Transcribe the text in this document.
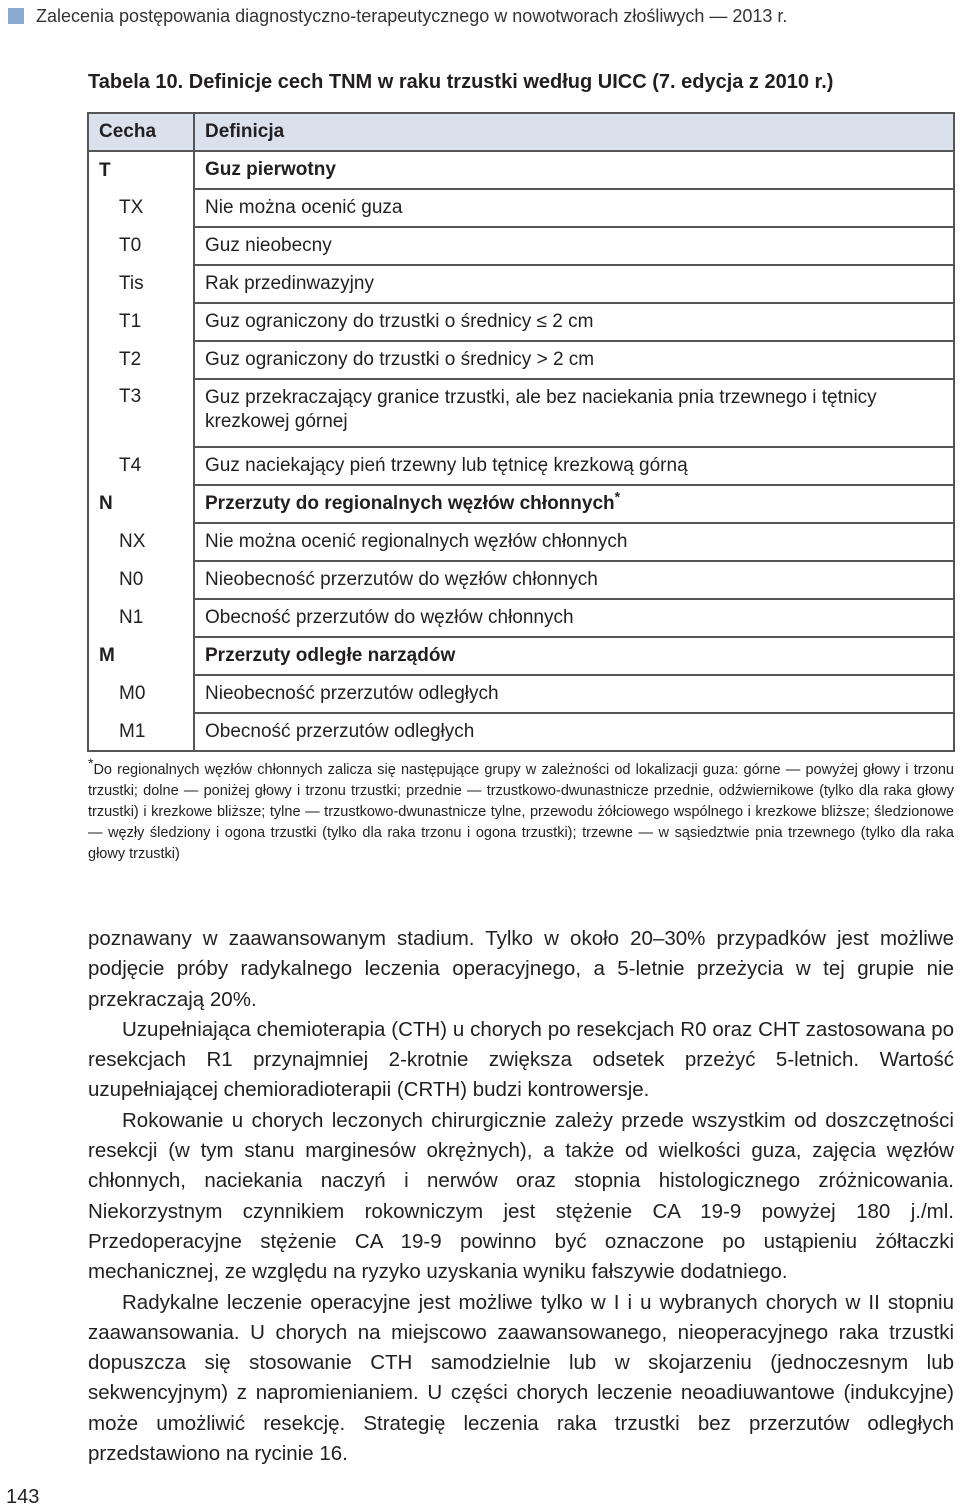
Zalecenia postępowania diagnostyczno-terapeutycznego w nowotworach złośliwych — 2013 r.
Tabela 10. Definicje cech TNM w raku trzustki według UICC (7. edycja z 2010 r.)
Cecha	Definicja
T	Guz pierwotny
TX	Nie można ocenić guza
T0	Guz nieobecny
Tis	Rak przedinwazyjny
T1	Guz ograniczony do trzustki o średnicy ≤ 2 cm
T2	Guz ograniczony do trzustki o średnicy > 2 cm
T3	Guz przekraczający granice trzustki, ale bez naciekania pnia trzewnego i tętnicy krezkowej górnej
T4	Guz naciekający pień trzewny lub tętnicę krezkową górną
N	Przerzuty do regionalnych węzłów chłonnych*
NX	Nie można ocenić regionalnych węzłów chłonnych
N0	Nieobecność przerzutów do węzłów chłonnych
N1	Obecność przerzutów do węzłów chłonnych
M	Przerzuty odległe narządów
M0	Nieobecność przerzutów odległych
M1	Obecność przerzutów odległych
*Do regionalnych węzłów chłonnych zalicza się następujące grupy w zależności od lokalizacji guza: górne — powyżej głowy i trzonu trzustki; dolne — poniżej głowy i trzonu trzustki; przednie — trzustkowo-dwunastnicze przednie, odźwiernikowe (tylko dla raka głowy trzustki) i krezkowe bliższe; tylne — trzustkowo-dwunastnicze tylne, przewodu żółciowego wspólnego i krezkowe bliższe; śledzionowe — węzły śledziony i ogona trzustki (tylko dla raka trzonu i ogona trzustki); trzewne — w sąsiedztwie pnia trzewnego (tylko dla raka głowy trzustki)

poznawany w zaawansowanym stadium. Tylko w około 20–30% przypadków jest możliwe podjęcie próby radykalnego leczenia operacyjnego, a 5-letnie przeżycia w tej grupie nie przekraczają 20%.

Uzupełniająca chemioterapia (CTH) u chorych po resekcjach R0 oraz CHT zastosowana po resekcjach R1 przynajmniej 2-krotnie zwiększa odsetek przeżyć 5-letnich. Wartość uzupełniającej chemioradioterapii (CRTH) budzi kontrowersje.

Rokowanie u chorych leczonych chirurgicznie zależy przede wszystkim od doszczętności resekcji (w tym stanu marginesów okrężnych), a także od wielkości guza, zajęcia węzłów chłonnych, naciekania naczyń i nerwów oraz stopnia histologicznego zróżnicowania. Niekorzystnym czynnikiem rokowniczym jest stężenie CA 19-9 powyżej 180 j./ml. Przedoperacyjne stężenie CA 19-9 powinno być oznaczone po ustąpieniu żółtaczki mechanicznej, ze względu na ryzyko uzyskania wyniku fałszywie dodatniego.

Radykalne leczenie operacyjne jest możliwe tylko w I i u wybranych chorych w II stopniu zaawansowania. U chorych na miejscowo zaawansowanego, nieoperacyjnego raka trzustki dopuszcza się stosowanie CTH samodzielnie lub w skojarzeniu (jednoczesnym lub sekwencyjnym) z napromienianiem. U części chorych leczenie neoadiuwantowe (indukcyjne) może umożliwić resekcję. Strategię leczenia raka trzustki bez przerzutów odległych przedstawiono na rycinie 16.

143
